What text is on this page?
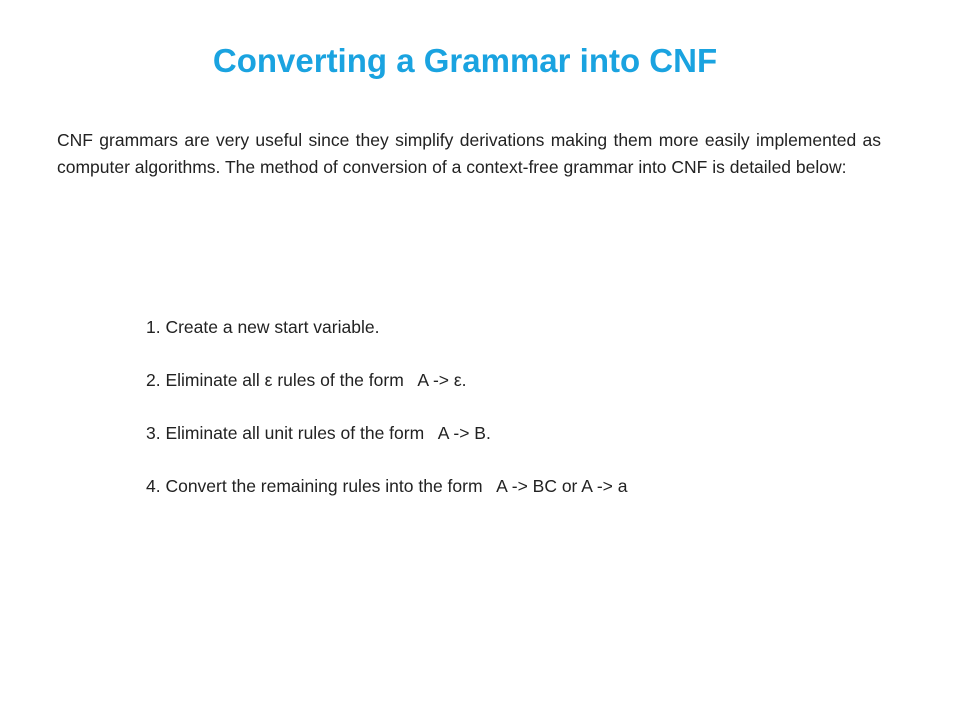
Converting a Grammar into CNF

CNF grammars are very useful since they simplify derivations making them more easily implemented as computer algorithms. The method of conversion of a context-free grammar into CNF is detailed below:

1. Create a new start variable.
2. Eliminate all ε rules of the form   A -> ε.
3. Eliminate all unit rules of the form   A -> B.
4. Convert the remaining rules into the form   A -> BC or A -> a
